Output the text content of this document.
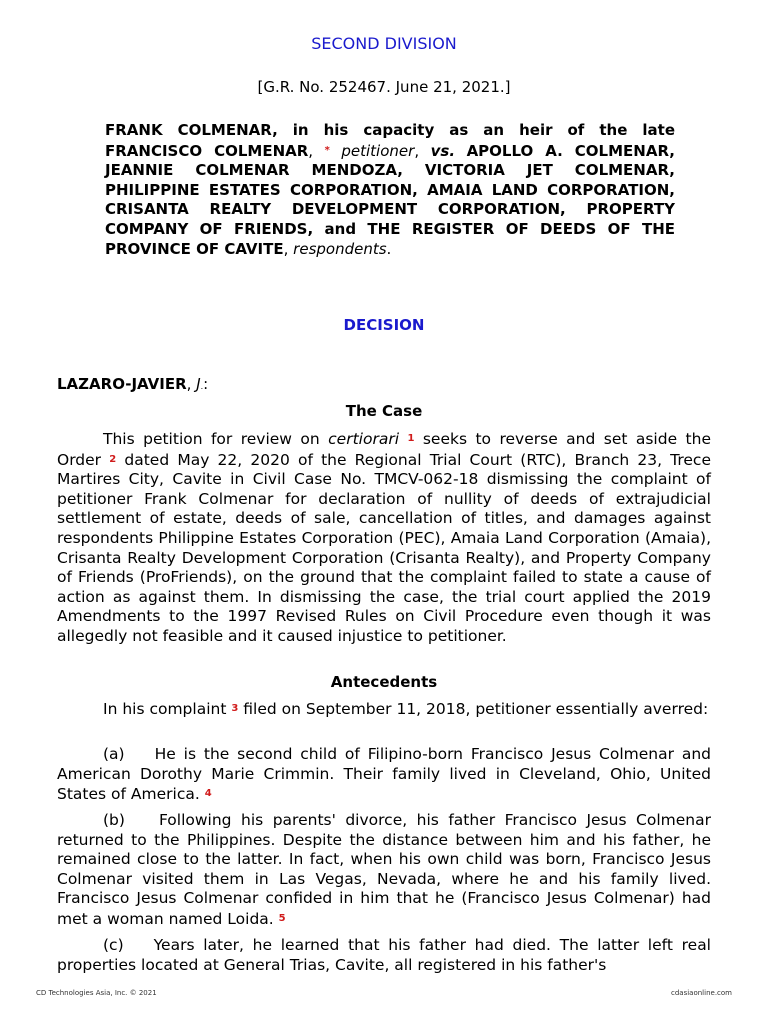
SECOND DIVISION
[G.R. No. 252467. June 21, 2021.]
FRANK COLMENAR, in his capacity as an heir of the late FRANCISCO COLMENAR, * petitioner, vs. APOLLO A. COLMENAR, JEANNIE COLMENAR MENDOZA, VICTORIA JET COLMENAR, PHILIPPINE ESTATES CORPORATION, AMAIA LAND CORPORATION, CRISANTA REALTY DEVELOPMENT CORPORATION, PROPERTY COMPANY OF FRIENDS, and THE REGISTER OF DEEDS OF THE PROVINCE OF CAVITE, respondents.
DECISION
LAZARO-JAVIER, J.:
The Case
This petition for review on certiorari 1 seeks to reverse and set aside the Order 2 dated May 22, 2020 of the Regional Trial Court (RTC), Branch 23, Trece Martires City, Cavite in Civil Case No. TMCV-062-18 dismissing the complaint of petitioner Frank Colmenar for declaration of nullity of deeds of extrajudicial settlement of estate, deeds of sale, cancellation of titles, and damages against respondents Philippine Estates Corporation (PEC), Amaia Land Corporation (Amaia), Crisanta Realty Development Corporation (Crisanta Realty), and Property Company of Friends (ProFriends), on the ground that the complaint failed to state a cause of action as against them. In dismissing the case, the trial court applied the 2019 Amendments to the 1997 Revised Rules on Civil Procedure even though it was allegedly not feasible and it caused injustice to petitioner.
Antecedents
In his complaint 3 filed on September 11, 2018, petitioner essentially averred:
(a) He is the second child of Filipino-born Francisco Jesus Colmenar and American Dorothy Marie Crimmin. Their family lived in Cleveland, Ohio, United States of America. 4
(b) Following his parents' divorce, his father Francisco Jesus Colmenar returned to the Philippines. Despite the distance between him and his father, he remained close to the latter. In fact, when his own child was born, Francisco Jesus Colmenar visited them in Las Vegas, Nevada, where he and his family lived. Francisco Jesus Colmenar confided in him that he (Francisco Jesus Colmenar) had met a woman named Loida. 5
(c) Years later, he learned that his father had died. The latter left real properties located at General Trias, Cavite, all registered in his father's
CD Technologies Asia, Inc. © 2021	cdasiaonline.com
